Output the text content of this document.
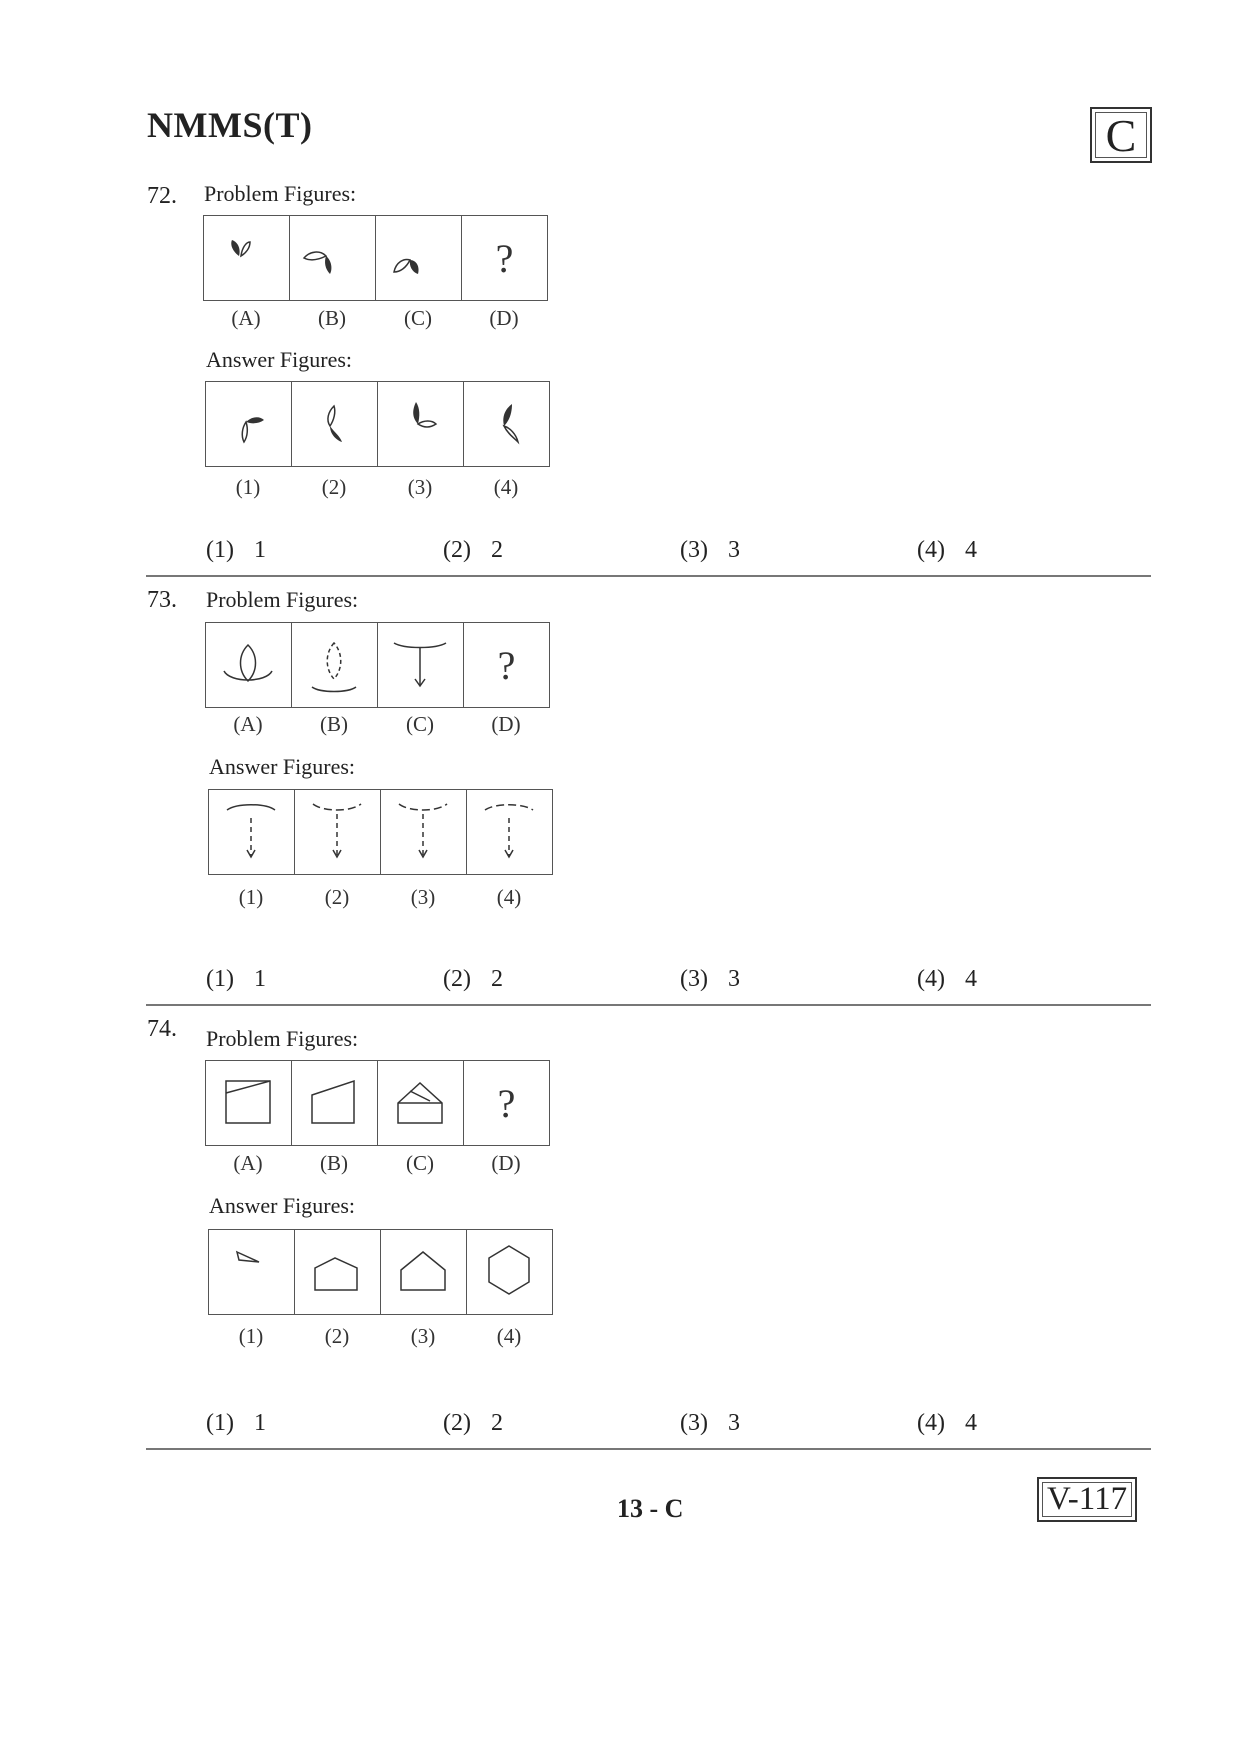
NMMS(T)	C
72. Problem Figures:
?
(A)	(B)	(C)	(D)
Answer Figures:
(1)	(2)	(3)	(4)
(1) 1	(2) 2	(3) 3	(4) 4
73. Problem Figures:
?
(A)	(B)	(C)	(D)
Answer Figures:
(1)	(2)	(3)	(4)
(1) 1	(2) 2	(3) 3	(4) 4
74. Problem Figures:
?
(A)	(B)	(C)	(D)
Answer Figures:
(1)	(2)	(3)	(4)
(1) 1	(2) 2	(3) 3	(4) 4
13 - C	V-117
